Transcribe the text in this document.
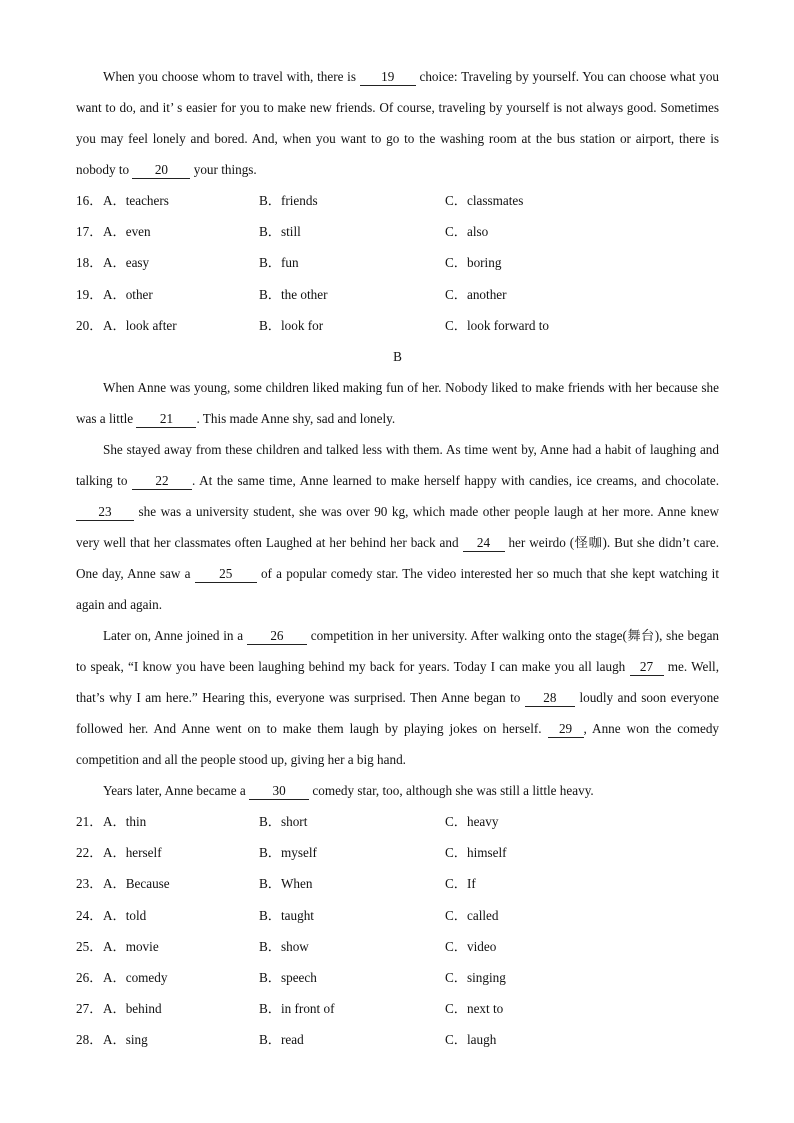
When you choose whom to travel with, there is 19 choice: Traveling by yourself. You can choose what you want to do, and it’ s easier for you to make new friends. Of course, traveling by yourself is not always good. Sometimes you may feel lonely and bored. And, when you want to go to the washing room at the bus station or airport, there is nobody to 20 your things.

16． A．teachers	B．friends	C．classmates
17． A．even	B．still	C．also
18． A．easy	B．fun	C．boring
19． A．other	B．the other	C．another
20． A．look after	B．look for	C．look forward to
B

When Anne was young, some children liked making fun of her. Nobody liked to make friends with her because she was a little 21 . This made Anne shy, sad and lonely.

She stayed away from these children and talked less with them. As time went by, Anne had a habit of laughing and talking to 22 . At the same time, Anne learned to make herself happy with candies, ice creams, and chocolate. 23 she was a university student, she was over 90 kg, which made other people laugh at her more. Anne knew very well that her classmates often Laughed at her behind her back and 24 her weirdo (怪咖). But she didn’t care. One day, Anne saw a 25 of a popular comedy star. The video interested her so much that she kept watching it again and again.

Later on, Anne joined in a 26 competition in her university. After walking onto the stage(舞台), she began to speak, “I know you have been laughing behind my back for years. Today I can make you all laugh 27 me. Well, that’s why I am here.” Hearing this, everyone was surprised. Then Anne began to 28 loudly and soon everyone followed her. And Anne went on to make them laugh by playing jokes on herself. 29 , Anne won the comedy competition and all the people stood up, giving her a big hand.

Years later, Anne became a 30 comedy star, too, although she was still a little heavy.

21． A．thin	B．short	C．heavy
22． A．herself	B．myself	C．himself
23． A．Because	B．When	C．If
24． A．told	B．taught	C．called
25． A．movie	B．show	C．video
26． A．comedy	B．speech	C．singing
27． A．behind	B．in front of	C．next to
28． A．sing	B．read	C．laugh
